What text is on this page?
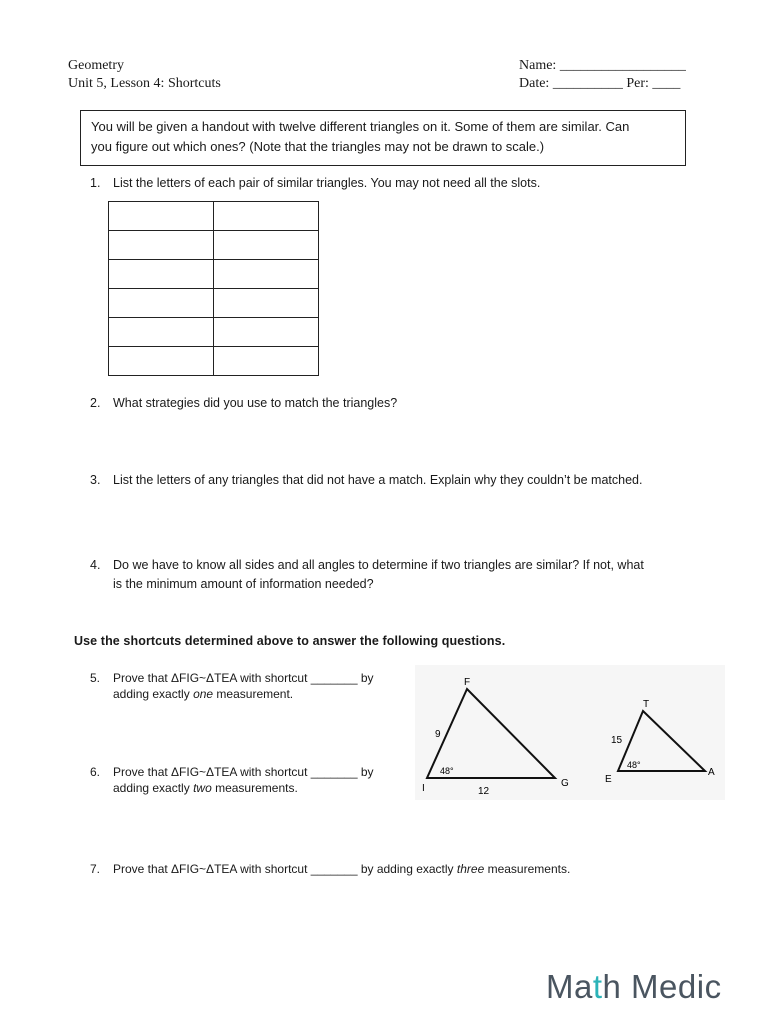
Geometry
Unit 5, Lesson 4: Shortcuts
Name: __________________
Date: __________ Per: ____
You will be given a handout with twelve different triangles on it. Some of them are similar. Can
you figure out which ones? (Note that the triangles may not be drawn to scale.)
1. List the letters of each pair of similar triangles. You may not need all the slots.

2. What strategies did you use to match the triangles?
3. List the letters of any triangles that did not have a match. Explain why they couldn’t be matched.
4. Do we have to know all sides and all angles to determine if two triangles are similar? If not, what
is the minimum amount of information needed?
Use the shortcuts determined above to answer the following questions.
5. Prove that ΔFIG~ΔTEA with shortcut _______ by
adding exactly one measurement.
6. Prove that ΔFIG~ΔTEA with shortcut _______ by
adding exactly two measurements.
7. Prove that ΔFIG~ΔTEA with shortcut _______ by adding exactly three measurements.
F
I	G
9
12
48°
T
E
A
15
48°
Math Medic
